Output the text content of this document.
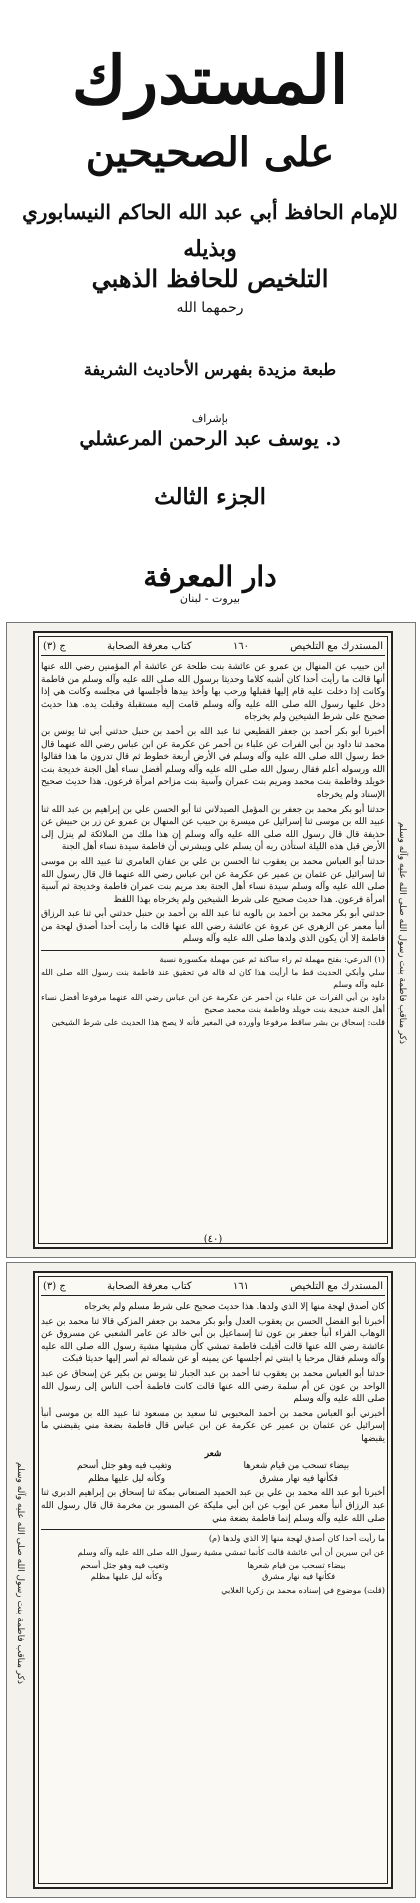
المستدرك
على الصحيحين
للإمام الحافظ أبي عبد الله الحاكم النيسابوري
وبذيله
التلخيص للحافظ الذهبي
رحمهما الله
طبعة مزيدة بفهرس الأحاديث الشريفة
بإشراف
د. يوسف عبد الرحمن المرعشلي
الجزء الثالث
دار المعرفة
بيروت - لبنان
ذكر مناقب فاطمة بنت رسول الله صلى الله عليه وآله وسلم
المستدرك مع التلخيص
١٦٠
كتاب معرفة الصحابة
ج (٣)

ابن حبيب عن المنهال بن عمرو عن عائشة بنت طلحة عن عائشة أم المؤمنين رضي الله عنها أنها قالت ما رأيت أحدا كان أشبه كلاما وحديثا برسول الله صلى الله عليه وآله وسلم من فاطمة وكانت إذا دخلت عليه قام إليها فقبلها ورحب بها وأخذ بيدها فأجلسها في مجلسه وكانت هي إذا دخل عليها رسول الله صلى الله عليه وآله وسلم قامت إليه مستقبلة وقبلت يده. هذا حديث صحيح على شرط الشيخين ولم يخرجاه

أخبرنا أبو بكر أحمد بن جعفر القطيعي ثنا عبد الله بن أحمد بن حنبل حدثني أبي ثنا يونس بن محمد ثنا داود بن أبي الفرات عن علباء بن أحمر عن عكرمة عن ابن عباس رضي الله عنهما قال خط رسول الله صلى الله عليه وآله وسلم في الأرض أربعة خطوط ثم قال تدرون ما هذا فقالوا الله ورسوله أعلم فقال رسول الله صلى الله عليه وآله وسلم أفضل نساء أهل الجنة خديجة بنت خويلد وفاطمة بنت محمد ومريم بنت عمران وآسية بنت مزاحم امرأة فرعون. هذا حديث صحيح الإسناد ولم يخرجاه

حدثنا أبو بكر محمد بن جعفر بن المؤمل الصيدلاني ثنا أبو الحسن علي بن إبراهيم بن عبد الله ثنا عبيد الله بن موسى ثنا إسرائيل عن ميسرة بن حبيب عن المنهال بن عمرو عن زر بن حبيش عن حذيفة قال قال رسول الله صلى الله عليه وآله وسلم إن هذا ملك من الملائكة لم ينزل إلى الأرض قبل هذه الليلة استأذن ربه أن يسلم علي ويبشرني أن فاطمة سيدة نساء أهل الجنة

حدثنا أبو العباس محمد بن يعقوب ثنا الحسن بن علي بن عفان العامري ثنا عبيد الله بن موسى ثنا إسرائيل عن عثمان بن عمير عن عكرمة عن ابن عباس رضي الله عنهما قال قال رسول الله صلى الله عليه وآله وسلم سيدة نساء أهل الجنة بعد مريم بنت عمران فاطمة وخديجة ثم آسية امرأة فرعون. هذا حديث صحيح على شرط الشيخين ولم يخرجاه بهذا اللفظ

حدثني أبو بكر محمد بن أحمد بن بالويه ثنا عبد الله بن أحمد بن حنبل حدثني أبي ثنا عبد الرزاق أنبأ معمر عن الزهري عن عروة عن عائشة رضي الله عنها قالت ما رأيت أحدا أصدق لهجة من فاطمة إلا أن يكون الذي ولدها صلى الله عليه وآله وسلم

(١) الدرعي: بفتح مهملة ثم راء ساكنة ثم عين مهملة مكسورة نسبة

سلي وأبكي الحديث قط ما أرأيت هذا كان له قاله في تحقيق عند فاطمة بنت رسول الله صلى الله عليه وآله وسلم

داود بن أبي الفرات عن علباء بن أحمر عن عكرمة عن ابن عباس رضي الله عنهما مرفوعا أفضل نساء أهل الجنة خديجة بنت خويلد وفاطمة بنت محمد صحيح

قلت: إسحاق بن بشر ساقط مرفوعا وأورده في المغير فأنه لا يصح هذا الحديث على شرط الشيخين

(٤٠)
ذكر مناقب فاطمة بنت رسول الله صلى الله عليه وآله وسلم
المستدرك مع التلخيص
١٦١
كتاب معرفة الصحابة
ج (٣)

كان أصدق لهجة منها إلا الذي ولدها. هذا حديث صحيح على شرط مسلم ولم يخرجاه

أخبرنا أبو الفضل الحسن بن يعقوب العدل وأبو بكر محمد بن جعفر المزكي قالا ثنا محمد بن عبد الوهاب الفراء أنبأ جعفر بن عون ثنا إسماعيل بن أبي خالد عن عامر الشعبي عن مسروق عن عائشة رضي الله عنها قالت أقبلت فاطمة تمشي كأن مشيتها مشية رسول الله صلى الله عليه وآله وسلم فقال مرحبا يا ابنتي ثم أجلسها عن يمينه أو عن شماله ثم أسر إليها حديثا فبكت

حدثنا أبو العباس محمد بن يعقوب ثنا أحمد بن عبد الجبار ثنا يونس بن بكير عن إسحاق عن عبد الواحد بن عون عن أم سلمة رضي الله عنها قالت كانت فاطمة أحب الناس إلى رسول الله صلى الله عليه وآله وسلم

أخبرني أبو العباس محمد بن أحمد المحبوبي ثنا سعيد بن مسعود ثنا عبيد الله بن موسى أنبأ إسرائيل عن عثمان بن عمير عن عكرمة عن ابن عباس قال فاطمة بضعة مني يقبضني ما يقبضها

شعر
بيضاء تسحب من قيام شعرها
وتغيب فيه وهو جثل أسحم
فكأنها فيه نهار مشرق
وكأنه ليل عليها مظلم

أخبرنا أبو عبد الله محمد بن علي بن عبد الحميد الصنعاني بمكة ثنا إسحاق بن إبراهيم الدبري ثنا عبد الرزاق أنبأ معمر عن أيوب عن ابن أبي مليكة عن المسور بن مخرمة قال قال رسول الله صلى الله عليه وآله وسلم إنما فاطمة بضعة مني

ما رأيت أحدا كان أصدق لهجة منها إلا الذي ولدها (م)

عن ابن سيرين أن أبي عائشة قالت كأنما تمشي مشية رسول الله صلى الله عليه وآله وسلم

بيضاء تسحب من قيام شعرها
وتغيب فيه وهو جثل أسحم
فكأنها فيه نهار مشرق
وكأنه ليل عليها مظلم

(قلت) موضوع في إسناده محمد بن زكريا الغلابي
